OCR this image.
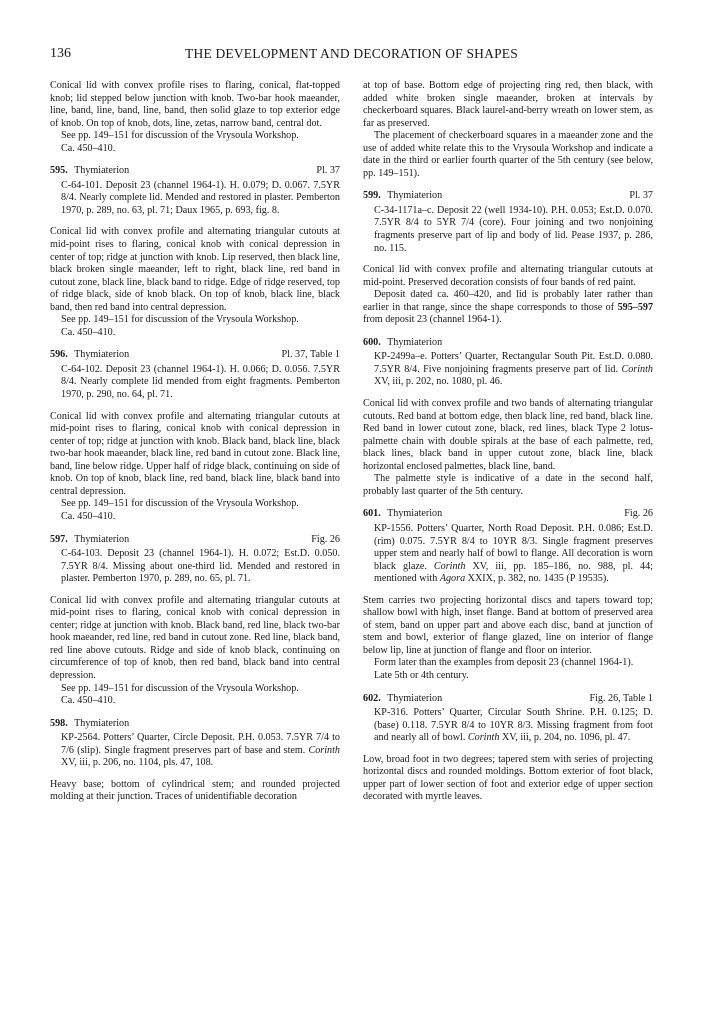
136	THE DEVELOPMENT AND DECORATION OF SHAPES

Conical lid with convex profile rises to flaring, conical, flat-topped knob; lid stepped below junction with knob. Two-bar hook maeander, line, band, line, band, line, band, then solid glaze to top exterior edge of knob. On top of knob, dots, line, zetas, narrow band, central dot.

See pp. 149–151 for discussion of the Vrysoula Workshop.

Ca. 450–410.

595. Thymiaterion	Pl. 37

C-64-101. Deposit 23 (channel 1964-1). H. 0.079; D. 0.067. 7.5YR 8/4. Nearly complete lid. Mended and restored in plaster. Pemberton 1970, p. 289, no. 63, pl. 71; Daux 1965, p. 693, fig. 8.

Conical lid with convex profile and alternating triangular cutouts at mid-point rises to flaring, conical knob with conical depression in center of top; ridge at junction with knob. Lip reserved, then black line, black broken single maeander, left to right, black line, red band in cutout zone, black line, black band to ridge. Edge of ridge reserved, top of ridge black, side of knob black. On top of knob, black line, black band, then red band into central depression.

See pp. 149–151 for discussion of the Vrysoula Workshop.

Ca. 450–410.

596. Thymiaterion	Pl. 37, Table 1

C-64-102. Deposit 23 (channel 1964-1). H. 0.066; D. 0.056. 7.5YR 8/4. Nearly complete lid mended from eight fragments. Pemberton 1970, p. 290, no. 64, pl. 71.

Conical lid with convex profile and alternating triangular cutouts at mid-point rises to flaring, conical knob with conical depression in center of top; ridge at junction with knob. Black band, black line, black two-bar hook maeander, black line, red band in cutout zone. Black line, band, line below ridge. Upper half of ridge black, continuing on side of knob. On top of knob, black line, red band, black line, black band into central depression.

See pp. 149–151 for discussion of the Vrysoula Workshop.

Ca. 450–410.

597. Thymiaterion	Fig. 26

C-64-103. Deposit 23 (channel 1964-1). H. 0.072; Est.D. 0.050. 7.5YR 8/4. Missing about one-third lid. Mended and restored in plaster. Pemberton 1970, p. 289, no. 65, pl. 71.

Conical lid with convex profile and alternating triangular cutouts at mid-point rises to flaring, conical knob with conical depression in center; ridge at junction with knob. Black band, red line, black two-bar hook maeander, red line, red band in cutout zone. Red line, black band, red line above cutouts. Ridge and side of knob black, continuing on circumference of top of knob, then red band, black band into central depression.

See pp. 149–151 for discussion of the Vrysoula Workshop.

Ca. 450–410.

598. Thymiaterion

KP-2564. Potters’ Quarter, Circle Deposit. P.H. 0.053. 7.5YR 7/4 to 7/6 (slip). Single fragment preserves part of base and stem. Corinth XV, iii, p. 206, no. 1104, pls. 47, 108.

Heavy base; bottom of cylindrical stem; and rounded projected molding at their junction. Traces of unidentifiable decoration

at top of base. Bottom edge of projecting ring red, then black, with added white broken single maeander, broken at intervals by checkerboard squares. Black laurel-and-berry wreath on lower stem, as far as preserved.

The placement of checkerboard squares in a maeander zone and the use of added white relate this to the Vrysoula Workshop and indicate a date in the third or earlier fourth quarter of the 5th century (see below, pp. 149–151).

599. Thymiaterion	Pl. 37

C-34-1171a–c. Deposit 22 (well 1934-10). P.H. 0.053; Est.D. 0.070. 7.5YR 8/4 to 5YR 7/4 (core). Four joining and two nonjoining fragments preserve part of lip and body of lid. Pease 1937, p. 286, no. 115.

Conical lid with convex profile and alternating triangular cutouts at mid-point. Preserved decoration consists of four bands of red paint.

Deposit dated ca. 460–420, and lid is probably later rather than earlier in that range, since the shape corresponds to those of 595–597 from deposit 23 (channel 1964-1).

600. Thymiaterion

KP-2499a–e. Potters’ Quarter, Rectangular South Pit. Est.D. 0.080. 7.5YR 8/4. Five nonjoining fragments preserve part of lid. Corinth XV, iii, p. 202, no. 1080, pl. 46.

Conical lid with convex profile and two bands of alternating triangular cutouts. Red band at bottom edge, then black line, red band, black line. Red band in lower cutout zone, black, red lines, black Type 2 lotus-palmette chain with double spirals at the base of each palmette, red, black lines, black band in upper cutout zone, black line, black horizontal enclosed palmettes, black line, band.

The palmette style is indicative of a date in the second half, probably last quarter of the 5th century.

601. Thymiaterion	Fig. 26

KP-1556. Potters’ Quarter, North Road Deposit. P.H. 0.086; Est.D. (rim) 0.075. 7.5YR 8/4 to 10YR 8/3. Single fragment preserves upper stem and nearly half of bowl to flange. All decoration is worn black glaze. Corinth XV, iii, pp. 185–186, no. 988, pl. 44; mentioned with Agora XXIX, p. 382, no. 1435 (P 19535).

Stem carries two projecting horizontal discs and tapers toward top; shallow bowl with high, inset flange. Band at bottom of preserved area of stem, band on upper part and above each disc, band at junction of stem and bowl, exterior of flange glazed, line on interior of flange below lip, line at junction of flange and floor on interior.

Form later than the examples from deposit 23 (channel 1964-1).

Late 5th or 4th century.

602. Thymiaterion	Fig. 26, Table 1

KP-316. Potters’ Quarter, Circular South Shrine. P.H. 0.125; D. (base) 0.118. 7.5YR 8/4 to 10YR 8/3. Missing fragment from foot and nearly all of bowl. Corinth XV, iii, p. 204, no. 1096, pl. 47.

Low, broad foot in two degrees; tapered stem with series of projecting horizontal discs and rounded moldings. Bottom exterior of foot black, upper part of lower section of foot and exterior edge of upper section decorated with myrtle leaves.
